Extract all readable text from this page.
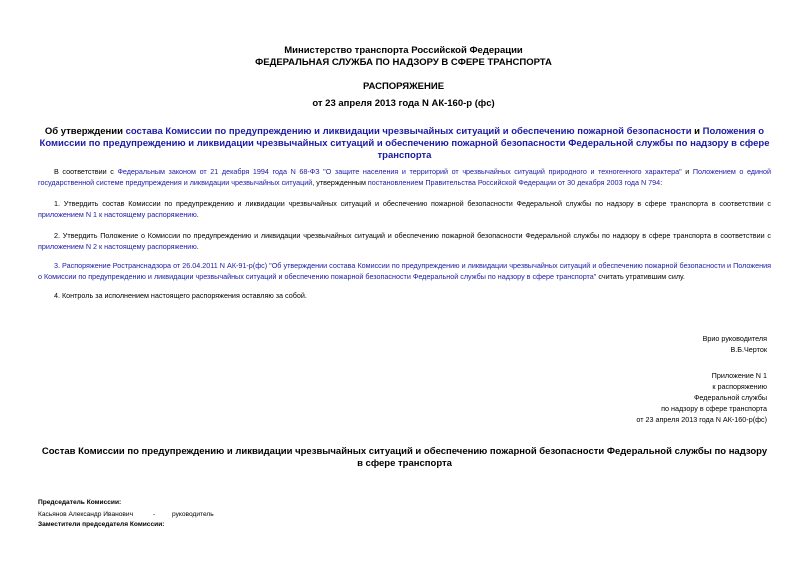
Министерство транспорта Российской Федерации
ФЕДЕРАЛЬНАЯ СЛУЖБА ПО НАДЗОРУ В СФЕРЕ ТРАНСПОРТА
РАСПОРЯЖЕНИЕ
от 23 апреля 2013 года N АК-160-р (фс)
Об утверждении состава Комиссии по предупреждению и ликвидации чрезвычайных ситуаций и обеспечению пожарной безопасности и Положения о Комиссии по предупреждению и ликвидации чрезвычайных ситуаций и обеспечению пожарной безопасности Федеральной службы по надзору в сфере транспорта
В соответствии с Федеральным законом от 21 декабря 1994 года N 68-ФЗ "О защите населения и территорий от чрезвычайных ситуаций природного и техногенного характера" и Положением о единой государственной системе предупреждения и ликвидации чрезвычайных ситуаций, утвержденным постановлением Правительства Российской Федерации от 30 декабря 2003 года N 794:
1. Утвердить состав Комиссии по предупреждению и ликвидации чрезвычайных ситуаций и обеспечению пожарной безопасности Федеральной службы по надзору в сфере транспорта в соответствии с приложением N 1 к настоящему распоряжению.
2. Утвердить Положение о Комиссии по предупреждению и ликвидации чрезвычайных ситуаций и обеспечению пожарной безопасности Федеральной службы по надзору в сфере транспорта в соответствии с приложением N 2 к настоящему распоряжению.
3. Распоряжение Ространснадзора от 26.04.2011 N АК-91-р(фс) "Об утверждении состава Комиссии по предупреждению и ликвидации чрезвычайных ситуаций и обеспечению пожарной безопасности и Положения о Комиссии по предупреждению и ликвидации чрезвычайных ситуаций и обеспечению пожарной безопасности Федеральной службы по надзору в сфере транспорта" считать утратившим силу.
4. Контроль за исполнением настоящего распоряжения оставляю за собой.
Врио руководителя
В.Б.Черток
Приложение N 1
к распоряжению
Федеральной службы
по надзору в сфере транспорта
от 23 апреля 2013 года N АК-160-р(фс)
Состав Комиссии по предупреждению и ликвидации чрезвычайных ситуаций и обеспечению пожарной безопасности Федеральной службы по надзору в сфере транспорта
Председатель Комиссии:
Касьянов Александр Иванович	-	руководитель
Заместители председателя Комиссии:
